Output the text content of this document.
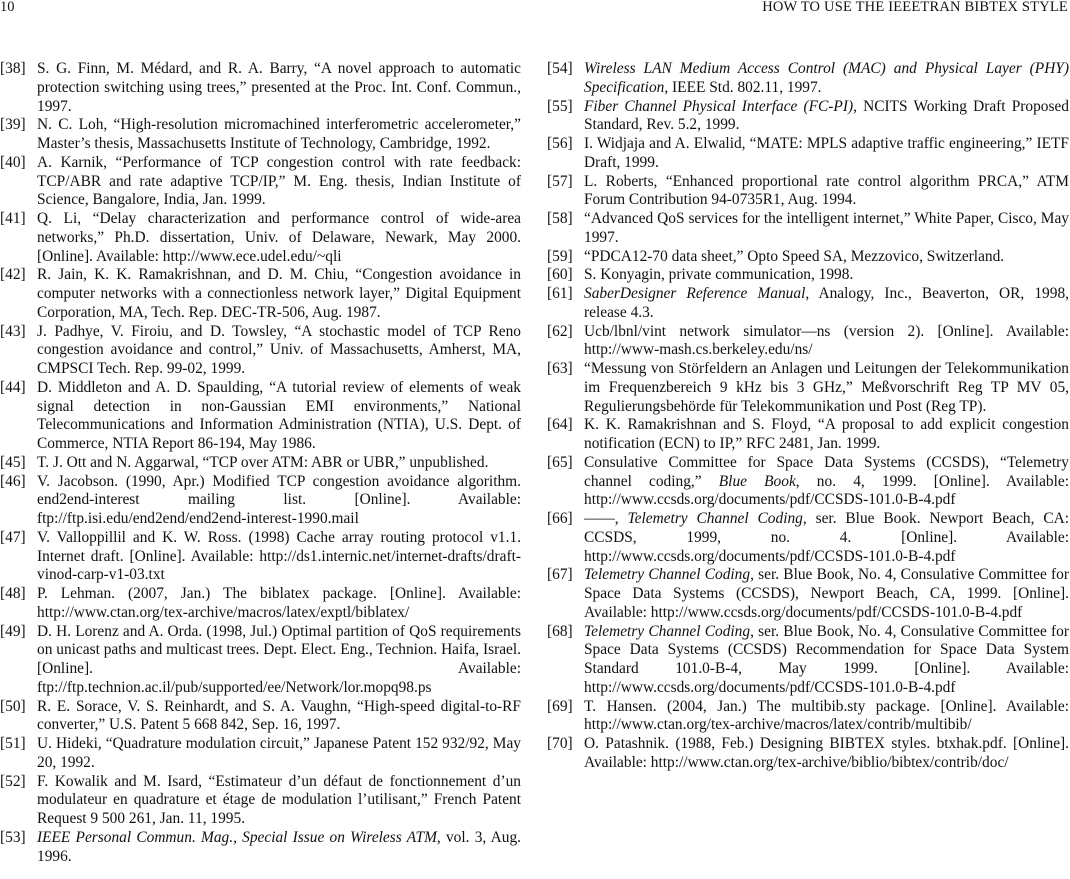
10	HOW TO USE THE IEEETRAN BIBTEX STYLE
[38] S. G. Finn, M. Médard, and R. A. Barry, “A novel approach to automatic protection switching using trees,” presented at the Proc. Int. Conf. Commun., 1997.
[39] N. C. Loh, “High-resolution micromachined interferometric accelerometer,” Master’s thesis, Massachusetts Institute of Technology, Cambridge, 1992.
[40] A. Karnik, “Performance of TCP congestion control with rate feedback: TCP/ABR and rate adaptive TCP/IP,” M. Eng. thesis, Indian Institute of Science, Bangalore, India, Jan. 1999.
[41] Q. Li, “Delay characterization and performance control of wide-area networks,” Ph.D. dissertation, Univ. of Delaware, Newark, May 2000. [Online]. Available: http://www.ece.udel.edu/~qli
[42] R. Jain, K. K. Ramakrishnan, and D. M. Chiu, “Congestion avoidance in computer networks with a connectionless network layer,” Digital Equipment Corporation, MA, Tech. Rep. DEC-TR-506, Aug. 1987.
[43] J. Padhye, V. Firoiu, and D. Towsley, “A stochastic model of TCP Reno congestion avoidance and control,” Univ. of Massachusetts, Amherst, MA, CMPSCI Tech. Rep. 99-02, 1999.
[44] D. Middleton and A. D. Spaulding, “A tutorial review of elements of weak signal detection in non-Gaussian EMI environments,” National Telecommunications and Information Administration (NTIA), U.S. Dept. of Commerce, NTIA Report 86-194, May 1986.
[45] T. J. Ott and N. Aggarwal, “TCP over ATM: ABR or UBR,” unpublished.
[46] V. Jacobson. (1990, Apr.) Modified TCP congestion avoidance algorithm. end2end-interest mailing list. [Online]. Available: ftp://ftp.isi.edu/end2end/end2end-interest-1990.mail
[47] V. Valloppillil and K. W. Ross. (1998) Cache array routing protocol v1.1. Internet draft. [Online]. Available: http://ds1.internic.net/internet-drafts/draft-vinod-carp-v1-03.txt
[48] P. Lehman. (2007, Jan.) The biblatex package. [Online]. Available: http://www.ctan.org/tex-archive/macros/latex/exptl/biblatex/
[49] D. H. Lorenz and A. Orda. (1998, Jul.) Optimal partition of QoS requirements on unicast paths and multicast trees. Dept. Elect. Eng., Technion. Haifa, Israel. [Online]. Available: ftp://ftp.technion.ac.il/pub/supported/ee/Network/lor.mopq98.ps
[50] R. E. Sorace, V. S. Reinhardt, and S. A. Vaughn, “High-speed digital-to-RF converter,” U.S. Patent 5 668 842, Sep. 16, 1997.
[51] U. Hideki, “Quadrature modulation circuit,” Japanese Patent 152 932/92, May 20, 1992.
[52] F. Kowalik and M. Isard, “Estimateur d’un défaut de fonctionnement d’un modulateur en quadrature et étage de modulation l’utilisant,” French Patent Request 9 500 261, Jan. 11, 1995.
[53] IEEE Personal Commun. Mag., Special Issue on Wireless ATM, vol. 3, Aug. 1996.
[54] Wireless LAN Medium Access Control (MAC) and Physical Layer (PHY) Specification, IEEE Std. 802.11, 1997.
[55] Fiber Channel Physical Interface (FC-PI), NCITS Working Draft Proposed Standard, Rev. 5.2, 1999.
[56] I. Widjaja and A. Elwalid, “MATE: MPLS adaptive traffic engineering,” IETF Draft, 1999.
[57] L. Roberts, “Enhanced proportional rate control algorithm PRCA,” ATM Forum Contribution 94-0735R1, Aug. 1994.
[58] “Advanced QoS services for the intelligent internet,” White Paper, Cisco, May 1997.
[59] “PDCA12-70 data sheet,” Opto Speed SA, Mezzovico, Switzerland.
[60] S. Konyagin, private communication, 1998.
[61] SaberDesigner Reference Manual, Analogy, Inc., Beaverton, OR, 1998, release 4.3.
[62] Ucb/lbnl/vint network simulator—ns (version 2). [Online]. Available: http://www-mash.cs.berkeley.edu/ns/
[63] “Messung von Störfeldern an Anlagen und Leitungen der Telekommunikation im Frequenzbereich 9 kHz bis 3 GHz,” Meßvorschrift Reg TP MV 05, Regulierungsbehörde für Telekommunikation und Post (Reg TP).
[64] K. K. Ramakrishnan and S. Floyd, “A proposal to add explicit congestion notification (ECN) to IP,” RFC 2481, Jan. 1999.
[65] Consulative Committee for Space Data Systems (CCSDS), “Telemetry channel coding,” Blue Book, no. 4, 1999. [Online]. Available: http://www.ccsds.org/documents/pdf/CCSDS-101.0-B-4.pdf
[66] ——, Telemetry Channel Coding, ser. Blue Book. Newport Beach, CA: CCSDS, 1999, no. 4. [Online]. Available: http://www.ccsds.org/documents/pdf/CCSDS-101.0-B-4.pdf
[67] Telemetry Channel Coding, ser. Blue Book, No. 4, Consulative Committee for Space Data Systems (CCSDS), Newport Beach, CA, 1999. [Online]. Available: http://www.ccsds.org/documents/pdf/CCSDS-101.0-B-4.pdf
[68] Telemetry Channel Coding, ser. Blue Book, No. 4, Consulative Committee for Space Data Systems (CCSDS) Recommendation for Space Data System Standard 101.0-B-4, May 1999. [Online]. Available: http://www.ccsds.org/documents/pdf/CCSDS-101.0-B-4.pdf
[69] T. Hansen. (2004, Jan.) The multibib.sty package. [Online]. Available: http://www.ctan.org/tex-archive/macros/latex/contrib/multibib/
[70] O. Patashnik. (1988, Feb.) Designing BIBTEX styles. btxhak.pdf. [Online]. Available: http://www.ctan.org/tex-archive/biblio/bibtex/contrib/doc/
